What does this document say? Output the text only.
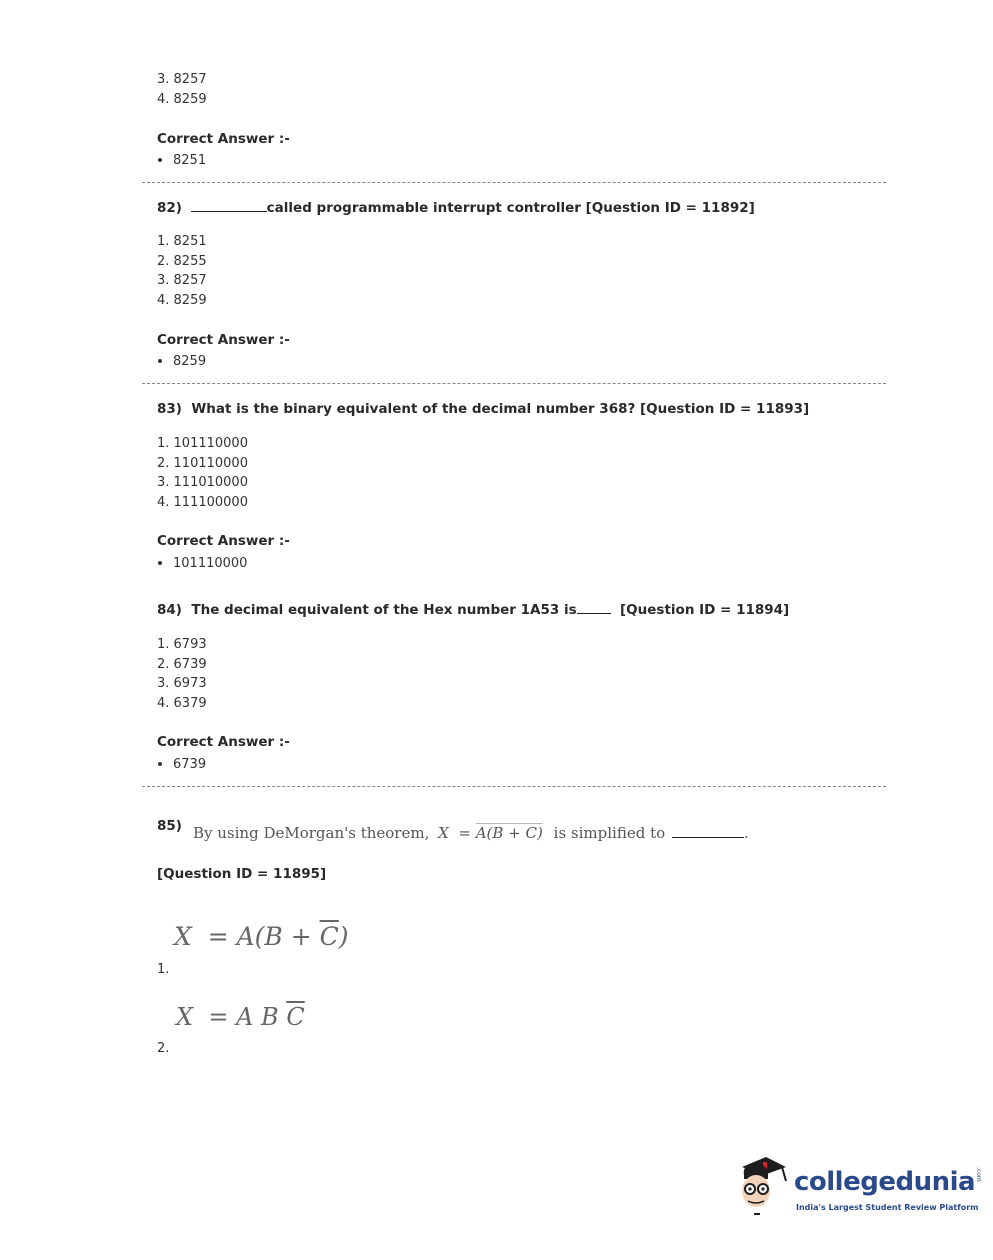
3. 8257
4. 8259
Correct Answer :-
8251
82)	called programmable interrupt controller [Question ID = 11892]
1. 8251
2. 8255
3. 8257
4. 8259
Correct Answer :-
8259
83) What is the binary equivalent of the decimal number 368? [Question ID = 11893]
1. 101110000
2. 110110000
3. 111010000
4. 111100000
Correct Answer :-
101110000
84) The decimal equivalent of the Hex number 1A53 is	[Question ID = 11894]
1. 6793
2. 6739
3. 6973
4. 6379
Correct Answer :-
6739
85) By using DeMorgan's theorem, X  = A(B + C) is simplified to	.
[Question ID = 11895]
$X = A(B + \overline{C})$
1.
X  = A B $\overline{C}$
2.
collegedunia.com
India's Largest Student Review Platform
